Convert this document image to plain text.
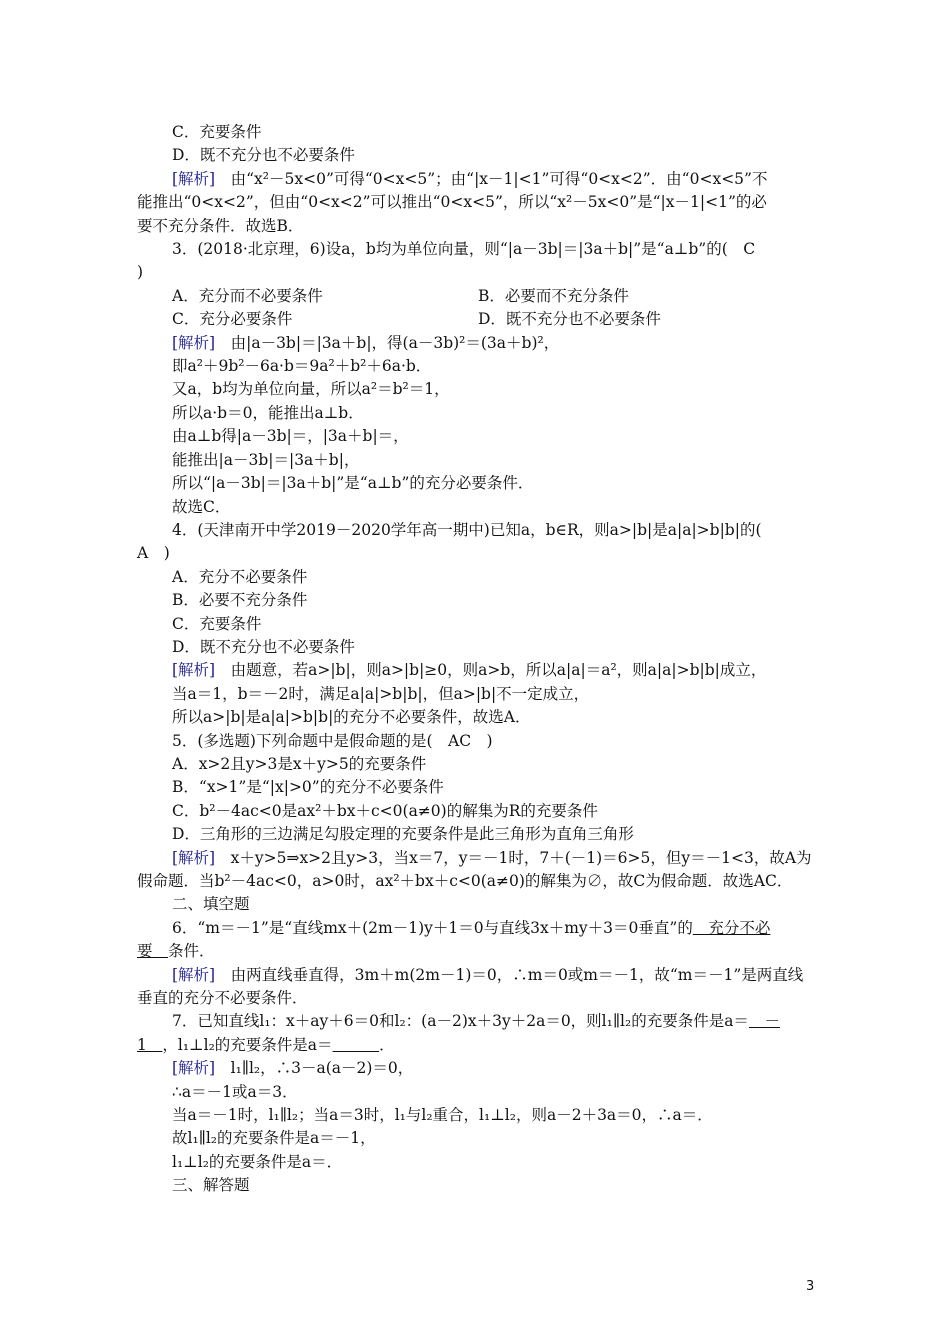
C．充要条件
D．既不充分也不必要条件
[解析]　由“x²－5x<0”可得“0<x<5”；由“|x－1|<1”可得“0<x<2”．由“0<x<5”不
能推出“0<x<2”，但由“0<x<2”可以推出“0<x<5”，所以“x²－5x<0”是“|x－1|<1”的必
要不充分条件．故选B．
3．(2018·北京理，6)设a，b均为单位向量，则“|a－3b|＝|3a＋b|”是“a⊥b”的(　C
)
A．充分而不必要条件	B．必要而不充分条件
C．充分必要条件	D．既不充分也不必要条件
[解析]　由|a－3b|＝|3a＋b|，得(a－3b)²＝(3a＋b)²，
即a²＋9b²－6a·b＝9a²＋b²＋6a·b．
又a，b均为单位向量，所以a²＝b²＝1，
所以a·b＝0，能推出a⊥b．
由a⊥b得|a－3b|＝，|3a＋b|＝，
能推出|a－3b|＝|3a＋b|，
所以“|a－3b|＝|3a＋b|”是“a⊥b”的充分必要条件．
故选C．
4．(天津南开中学2019－2020学年高一期中)已知a，b∈R，则a>|b|是a|a|>b|b|的(
A　)
A．充分不必要条件
B．必要不充分条件
C．充要条件
D．既不充分也不必要条件
[解析]　由题意，若a>|b|，则a>|b|≥0，则a>b，所以a|a|＝a²，则a|a|>b|b|成立，
当a＝1，b＝－2时，满足a|a|>b|b|，但a>|b|不一定成立，
所以a>|b|是a|a|>b|b|的充分不必要条件，故选A．
5．(多选题)下列命题中是假命题的是(　AC　)
A．x>2且y>3是x＋y>5的充要条件
B．“x>1”是“|x|>0”的充分不必要条件
C．b²－4ac<0是ax²＋bx＋c<0(a≠0)的解集为R的充要条件
D．三角形的三边满足勾股定理的充要条件是此三角形为直角三角形
[解析]　x＋y>5⇒x>2且y>3，当x＝7，y＝－1时，7＋(－1)＝6>5，但y＝－1<3，故A为
假命题．当b²－4ac<0，a>0时，ax²＋bx＋c<0(a≠0)的解集为∅，故C为假命题．故选AC．
二、填空题
6．“m＝－1”是“直线mx＋(2m－1)y＋1＝0与直线3x＋my＋3＝0垂直”的　充分不必
要　条件．
[解析]　由两直线垂直得，3m＋m(2m－1)＝0，∴m＝0或m＝－1，故“m＝－1”是两直线
垂直的充分不必要条件．
7．已知直线l₁：x＋ay＋6＝0和l₂：(a－2)x＋3y＋2a＝0，则l₁∥l₂的充要条件是a＝　－
1　，l₁⊥l₂的充要条件是a＝　　　	．
[解析]　l₁∥l₂，∴3－a(a－2)＝0，
∴a＝－1或a＝3．
当a＝－1时，l₁∥l₂；当a＝3时，l₁与l₂重合，l₁⊥l₂，则a－2＋3a＝0，∴a＝．
故l₁∥l₂的充要条件是a＝－1，
l₁⊥l₂的充要条件是a＝．
三、解答题
3
